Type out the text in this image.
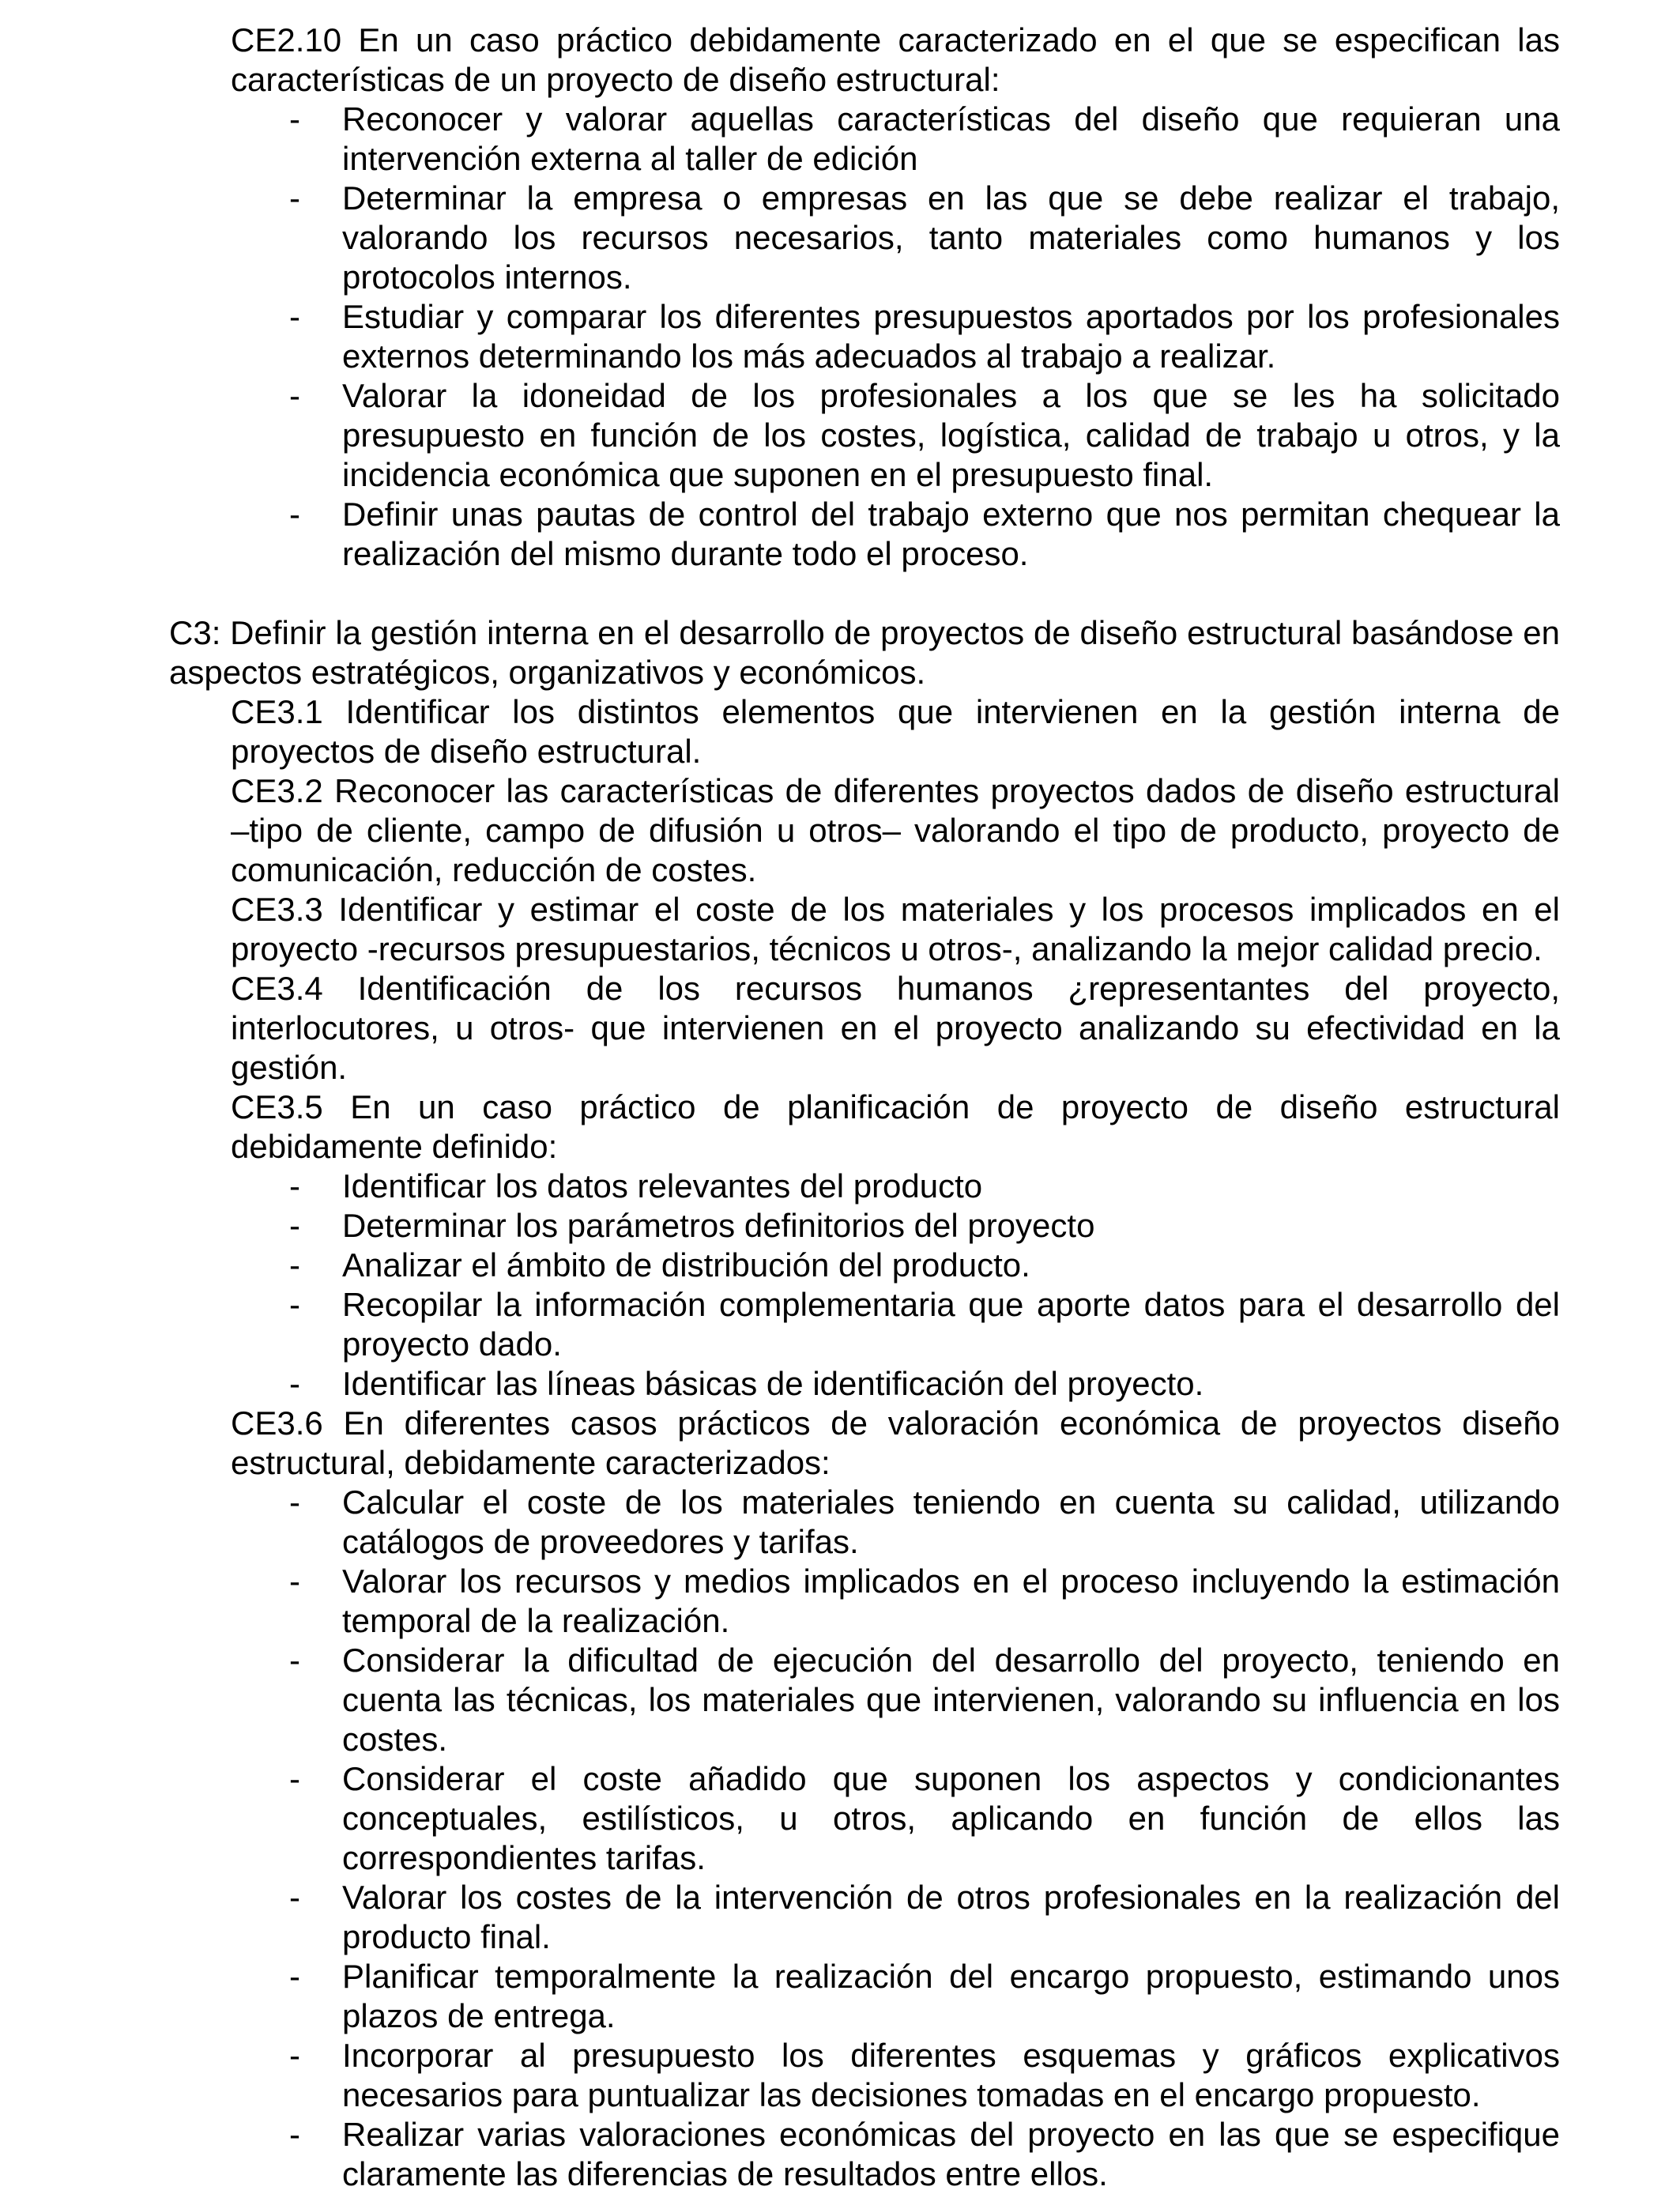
CE2.10 En un caso práctico debidamente caracterizado en el que se especifican las características de un proyecto de diseño estructural:

- Reconocer y valorar aquellas características del diseño que requieran una intervención externa al taller de edición
- Determinar la empresa o empresas en las que se debe realizar el trabajo, valorando los recursos necesarios, tanto materiales como humanos y los protocolos internos.
- Estudiar y comparar los diferentes presupuestos aportados por los profesionales externos determinando los más adecuados al trabajo a realizar.
- Valorar la idoneidad de los profesionales a los que se les ha solicitado presupuesto en función de los costes, logística, calidad de trabajo u otros, y la incidencia económica que suponen en el presupuesto final.
- Definir unas pautas de control del trabajo externo que nos permitan chequear la realización del mismo durante todo el proceso.

C3: Definir la gestión interna en el desarrollo de proyectos de diseño estructural basándose en aspectos estratégicos, organizativos y económicos.

CE3.1 Identificar los distintos elementos que intervienen en la gestión interna de proyectos de diseño estructural.

CE3.2 Reconocer las características de diferentes proyectos dados de diseño estructural –tipo de cliente, campo de difusión u otros– valorando el tipo de producto, proyecto de comunicación, reducción de costes.

CE3.3 Identificar y estimar el coste de los materiales y los procesos implicados en el proyecto -recursos presupuestarios, técnicos u otros-, analizando la mejor calidad precio.

CE3.4 Identificación de los recursos humanos ¿representantes del proyecto, interlocutores, u otros- que intervienen en el proyecto analizando su efectividad en la gestión.

CE3.5 En un caso práctico de planificación de proyecto de diseño estructural debidamente definido:

- Identificar los datos relevantes del producto
- Determinar los parámetros definitorios del proyecto
- Analizar el ámbito de distribución del producto.
- Recopilar la información complementaria que aporte datos para el desarrollo del proyecto dado.
- Identificar las líneas básicas de identificación del proyecto.

CE3.6 En diferentes casos prácticos de valoración económica de proyectos diseño estructural, debidamente caracterizados:

- Calcular el coste de los materiales teniendo en cuenta su calidad, utilizando catálogos de proveedores y tarifas.
- Valorar los recursos y medios implicados en el proceso incluyendo la estimación temporal de la realización.
- Considerar la dificultad de ejecución del desarrollo del proyecto, teniendo en cuenta las técnicas, los materiales que intervienen, valorando su influencia en los costes.
- Considerar el coste añadido que suponen los aspectos y condicionantes conceptuales, estilísticos, u otros, aplicando en función de ellos las correspondientes tarifas.
- Valorar los costes de la intervención de otros profesionales en la realización del producto final.
- Planificar temporalmente la realización del encargo propuesto, estimando unos plazos de entrega.
- Incorporar al presupuesto los diferentes esquemas y gráficos explicativos necesarios para puntualizar las decisiones tomadas en el encargo propuesto.
- Realizar varias valoraciones económicas del proyecto en las que se especifique claramente las diferencias de resultados entre ellos.
